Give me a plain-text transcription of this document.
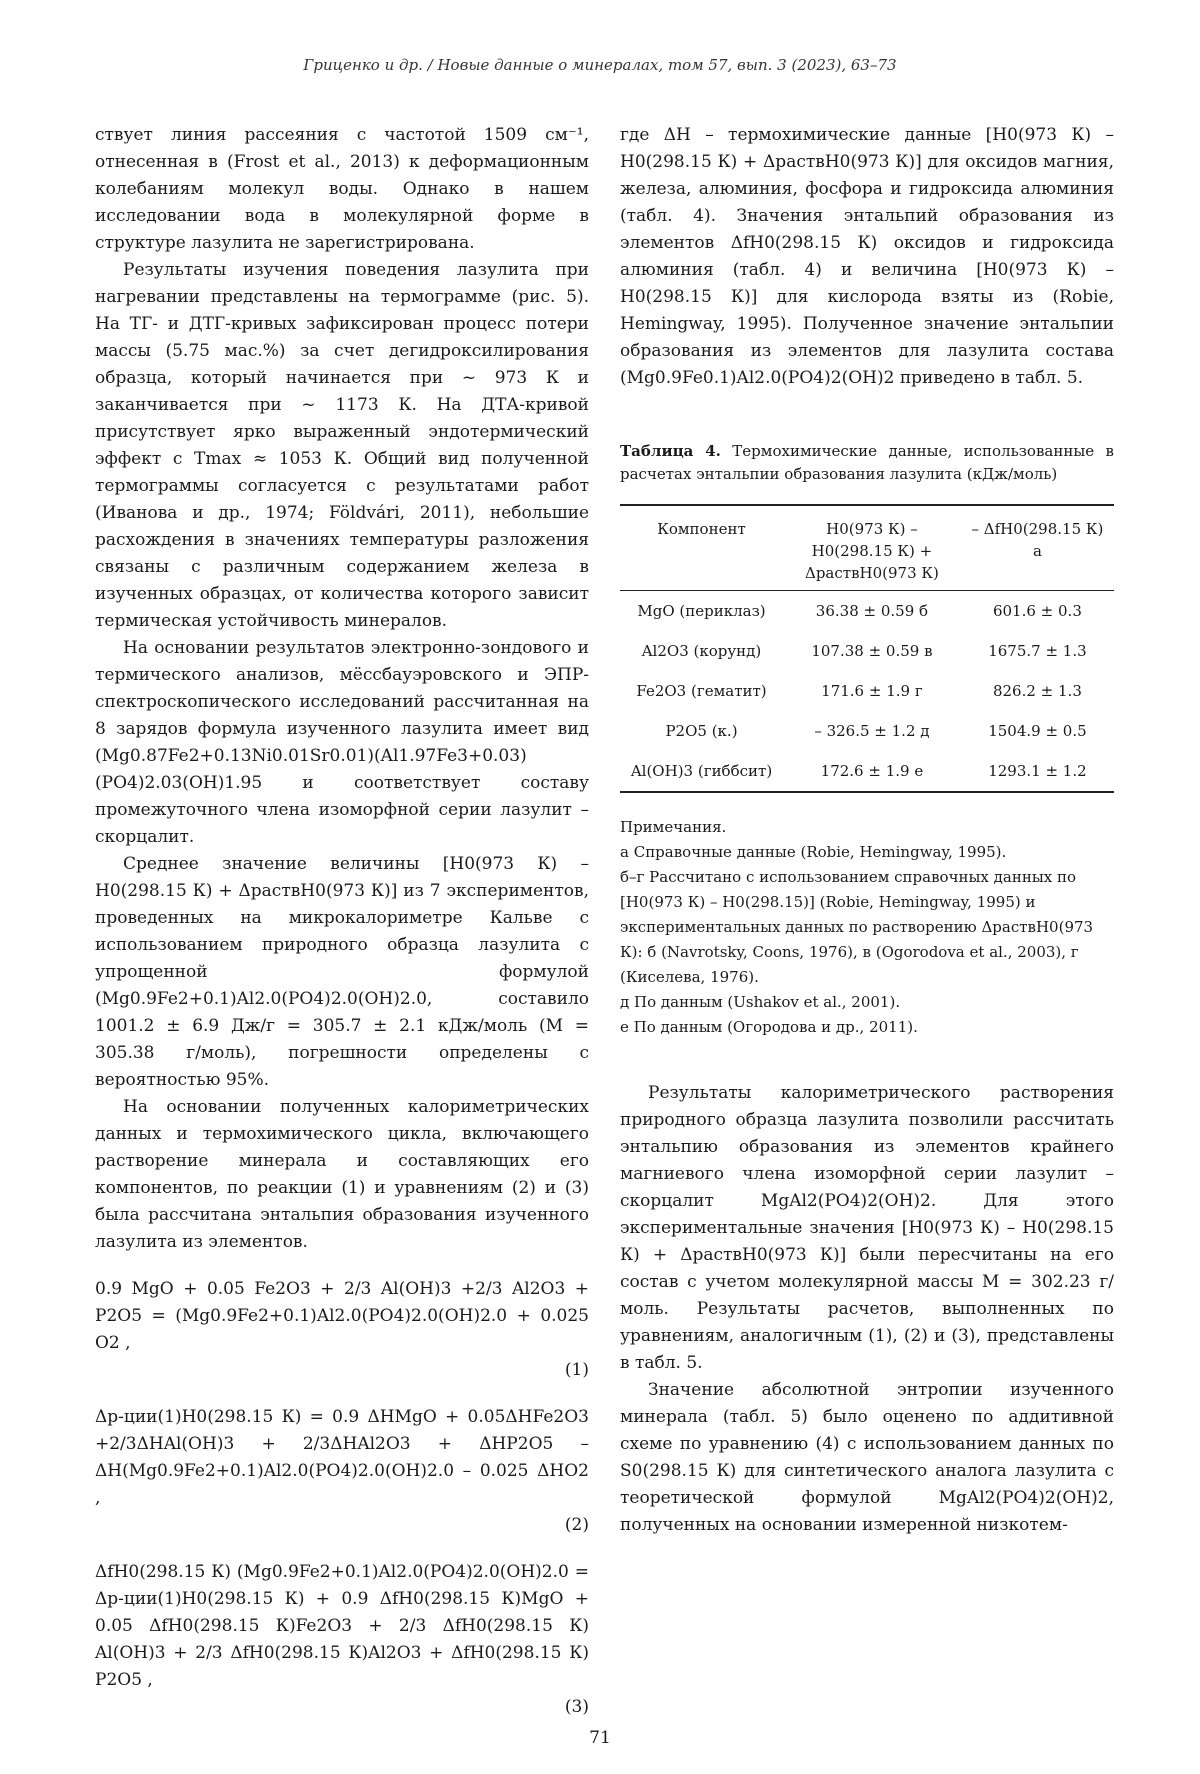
Гриценко и др. / Новые данные о минералах, том 57, вып. 3 (2023), 63–73

ствует линия рассеяния с частотой 1509 см⁻¹, отнесенная в (Frost et al., 2013) к деформационным колебаниям молекул воды. Однако в нашем исследовании вода в молекулярной форме в структуре лазулита не зарегистрирована.

Результаты изучения поведения лазулита при нагревании представлены на термограмме (рис. 5). На ТГ- и ДТГ-кривых зафиксирован процесс потери массы (5.75 мас.%) за счет дегидроксилирования образца, который начинается при ~ 973 К и заканчивается при ~ 1173 К. На ДТА-кривой присутствует ярко выраженный эндотермический эффект с Tmax ≈ 1053 К. Общий вид полученной термограммы согласуется с результатами работ (Иванова и др., 1974; Földvári, 2011), небольшие расхождения в значениях температуры разложения связаны с различным содержанием железа в изученных образцах, от количества которого зависит термическая устойчивость минералов.

На основании результатов электронно-зондового и термического анализов, мёссбауэровского и ЭПР-спектроскопического исследований рассчитанная на 8 зарядов формула изученного лазулита имеет вид (Mg0.87Fe2+0.13Ni0.01Sr0.01)(Al1.97Fe3+0.03)(PO4)2.03(OH)1.95 и соответствует составу промежуточного члена изоморфной серии лазулит – скорцалит.

Среднее значение величины [H0(973 К) – H0(298.15 К) + ΔраствH0(973 К)] из 7 экспериментов, проведенных на микрокалориметре Кальве с использованием природного образца лазулита с упрощенной формулой (Mg0.9Fe2+0.1)Al2.0(PO4)2.0(OH)2.0, составило 1001.2 ± 6.9 Дж/г = 305.7 ± 2.1 кДж/моль (M = 305.38 г/моль), погрешности определены с вероятностью 95%.

На основании полученных калориметрических данных и термохимического цикла, включающего растворение минерала и составляющих его компонентов, по реакции (1) и уравнениям (2) и (3) была рассчитана энтальпия образования изученного лазулита из элементов.

0.9 MgO + 0.05 Fe2O3 + 2/3 Al(OH)3 +2/3 Al2O3 + P2O5 = (Mg0.9Fe2+0.1)Al2.0(PO4)2.0(OH)2.0 + 0.025 O2 ,

(1)

Δр-ции(1)H0(298.15 К) = 0.9 ΔHMgO + 0.05ΔHFe2O3 +2/3ΔHAl(OH)3 + 2/3ΔHAl2O3 + ΔHP2O5 – ΔH(Mg0.9Fe2+0.1)Al2.0(PO4)2.0(OH)2.0 – 0.025 ΔHO2 ,

(2)

ΔfH0(298.15 К) (Mg0.9Fe2+0.1)Al2.0(PO4)2.0(OH)2.0 = Δр-ции(1)H0(298.15 К) + 0.9 ΔfH0(298.15 К)MgO + 0.05 ΔfH0(298.15 К)Fe2O3 + 2/3 ΔfH0(298.15 К) Al(OH)3 + 2/3 ΔfH0(298.15 К)Al2O3 + ΔfH0(298.15 К) P2O5 ,

(3)

где ΔH – термохимические данные [H0(973 К) – H0(298.15 К) + ΔраствH0(973 К)] для оксидов магния, железа, алюминия, фосфора и гидроксида алюминия (табл. 4). Значения энтальпий образования из элементов ΔfH0(298.15 К) оксидов и гидроксида алюминия (табл. 4) и величина [H0(973 К) – H0(298.15 К)] для кислорода взяты из (Robie, Hemingway, 1995). Полученное значение энтальпии образования из элементов для лазулита состава (Mg0.9Fe0.1)Al2.0(PO4)2(OH)2 приведено в табл. 5.

Таблица 4. Термохимические данные, использованные в расчетах энтальпии образования лазулита (кДж/моль)
Компонент	H0(973 К) – H0(298.15 К) + ΔраствH0(973 К)	– ΔfH0(298.15 К) а
MgO (периклаз)	36.38 ± 0.59 б	601.6 ± 0.3
Al2O3 (корунд)	107.38 ± 0.59 в	1675.7 ± 1.3
Fe2O3 (гематит)	171.6 ± 1.9 г	826.2 ± 1.3
P2O5 (к.)	– 326.5 ± 1.2 д	1504.9 ± 0.5
Al(OH)3 (гиббсит)	172.6 ± 1.9 е	1293.1 ± 1.2

Примечания.

а Справочные данные (Robie, Hemingway, 1995).

б–г Рассчитано с использованием справочных данных по [H0(973 К) – H0(298.15)] (Robie, Hemingway, 1995) и экспериментальных данных по растворению ΔраствH0(973 К): б (Navrotsky, Coons, 1976), в (Ogorodova et al., 2003), г (Киселева, 1976).

д По данным (Ushakov et al., 2001).

е По данным (Огородова и др., 2011).

Результаты калориметрического растворения природного образца лазулита позволили рассчитать энтальпию образования из элементов крайнего магниевого члена изоморфной серии лазулит – скорцалит MgAl2(PO4)2(OH)2. Для этого экспериментальные значения [H0(973 К) – H0(298.15 К) + ΔраствH0(973 К)] были пересчитаны на его состав с учетом молекулярной массы M = 302.23 г/моль. Результаты расчетов, выполненных по уравнениям, аналогичным (1), (2) и (3), представлены в табл. 5.

Значение абсолютной энтропии изученного минерала (табл. 5) было оценено по аддитивной схеме по уравнению (4) с использованием данных по S0(298.15 К) для синтетического аналога лазулита с теоретической формулой MgAl2(PO4)2(OH)2, полученных на основании измеренной низкотем-

71
